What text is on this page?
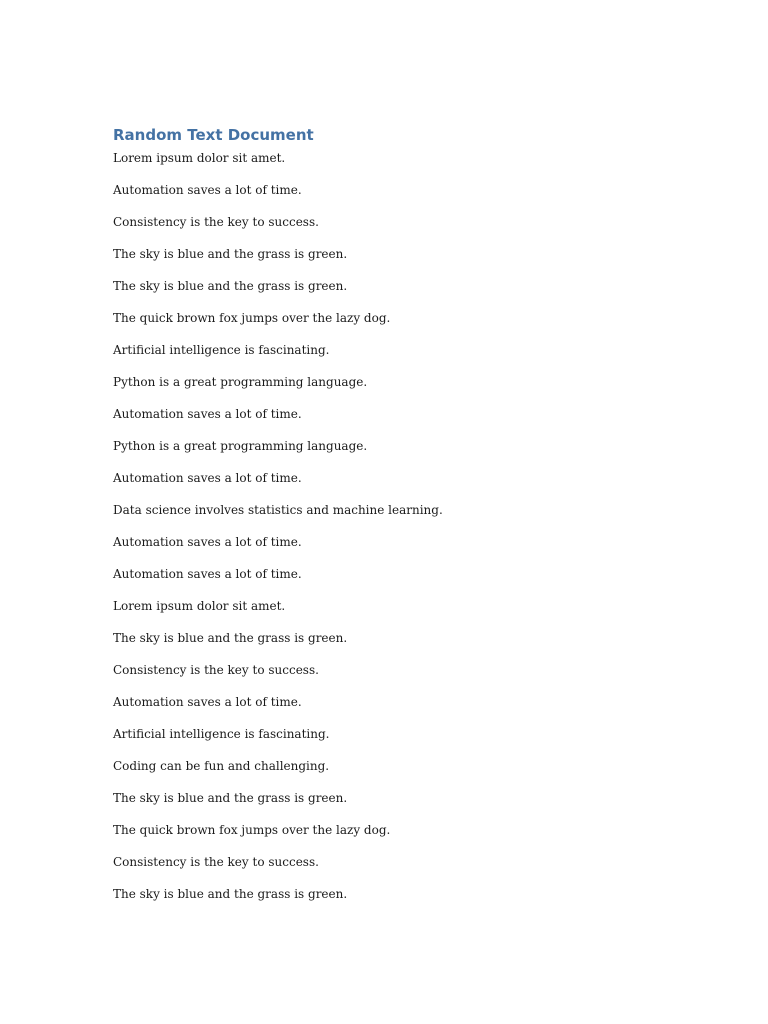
Random Text Document

Lorem ipsum dolor sit amet.

Automation saves a lot of time.

Consistency is the key to success.

The sky is blue and the grass is green.

The sky is blue and the grass is green.

The quick brown fox jumps over the lazy dog.

Artificial intelligence is fascinating.

Python is a great programming language.

Automation saves a lot of time.

Python is a great programming language.

Automation saves a lot of time.

Data science involves statistics and machine learning.

Automation saves a lot of time.

Automation saves a lot of time.

Lorem ipsum dolor sit amet.

The sky is blue and the grass is green.

Consistency is the key to success.

Automation saves a lot of time.

Artificial intelligence is fascinating.

Coding can be fun and challenging.

The sky is blue and the grass is green.

The quick brown fox jumps over the lazy dog.

Consistency is the key to success.

The sky is blue and the grass is green.
